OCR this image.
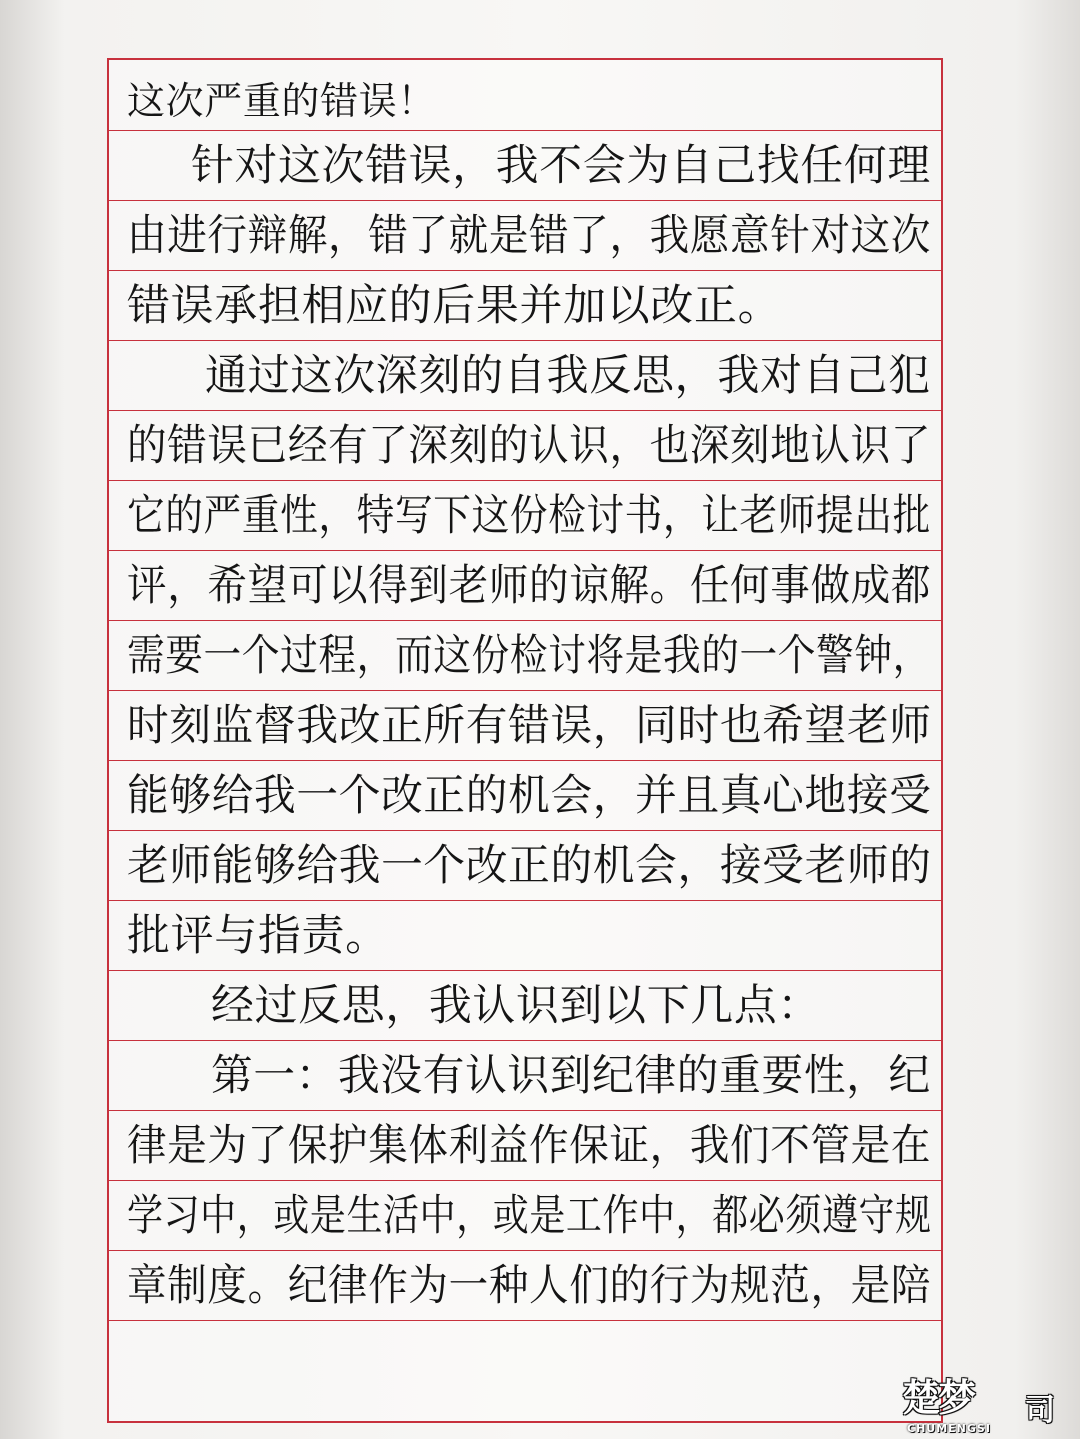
这次严重的错误！
针对这次错误，我不会为自己找任何理
由进行辩解，错了就是错了，我愿意针对这次
错误承担相应的后果并加以改正。
通过这次深刻的自我反思，我对自己犯
的错误已经有了深刻的认识，也深刻地认识了
它的严重性，特写下这份检讨书，让老师提出批
评，希望可以得到老师的谅解。任何事做成都
需要一个过程，而这份检讨将是我的一个警钟，
时刻监督我改正所有错误，同时也希望老师
能够给我一个改正的机会，并且真心地接受
老师能够给我一个改正的机会，接受老师的
批评与指责。
经过反思，我认识到以下几点：
第一：我没有认识到纪律的重要性，纪
律是为了保护集体利益作保证，我们不管是在
学习中，或是生活中，或是工作中，都必须遵守规
章制度。纪律作为一种人们的行为规范，是陪
楚梦	司
CHUMENGSI
